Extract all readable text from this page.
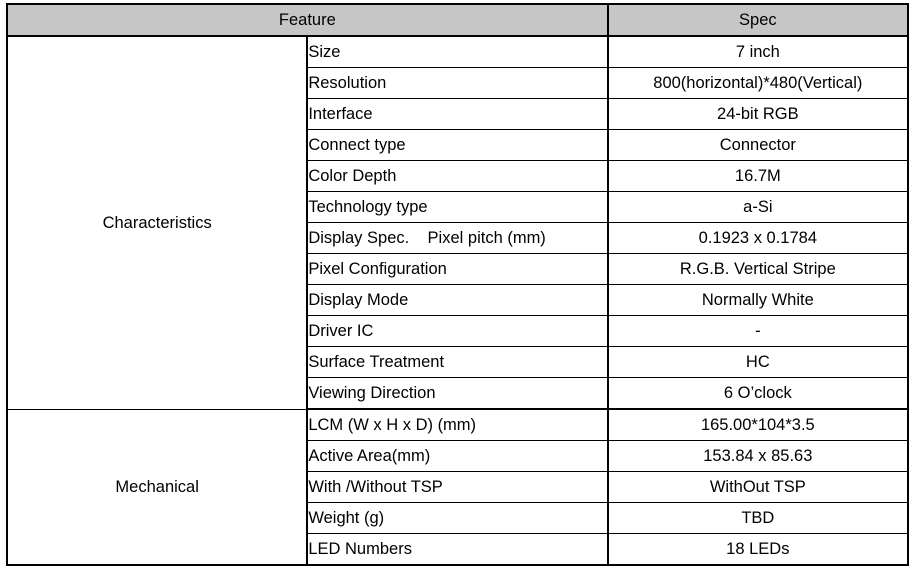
Feature		Spec
Characteristics	Size	7 inch
	Resolution	800(horizontal)*480(Vertical)
	Interface	24-bit RGB
	Connect type	Connector
	Color Depth	16.7M
	Technology type	a-Si
	Display Spec.    Pixel pitch (mm)	0.1923 x 0.1784
	Pixel Configuration	R.G.B. Vertical Stripe
	Display Mode	Normally White
	Driver IC	-
	Surface Treatment	HC
	Viewing Direction	6 O’clock
Mechanical	LCM (W x H x D) (mm)	165.00*104*3.5
	Active Area(mm)	153.84 x 85.63
	With /Without TSP	WithOut TSP
	Weight (g)	TBD
	LED Numbers	18 LEDs
